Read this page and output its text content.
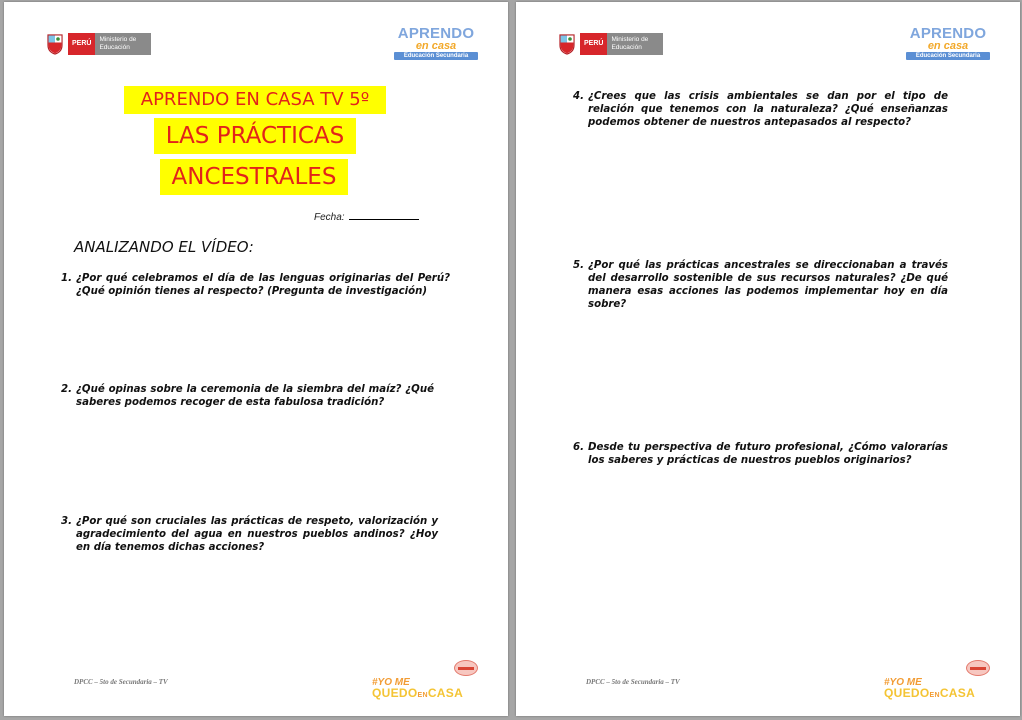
PERÚ
Ministerio de Educación
APRENDO
en casa
Educación Secundaria
APRENDO EN CASA TV 5º
LAS PRÁCTICAS
ANCESTRALES
Fecha:
ANALIZANDO EL VÍDEO:
1. ¿Por qué celebramos el día de las lenguas originarias del Perú? ¿Qué opinión tienes al respecto? (Pregunta de investigación)
2. ¿Qué opinas sobre la ceremonia de la siembra del maíz? ¿Qué saberes podemos recoger de esta fabulosa tradición?
3. ¿Por qué son cruciales las prácticas de respeto, valorización y agradecimiento del agua en nuestros pueblos andinos? ¿Hoy en día tenemos dichas acciones?
DPCC – 5to de Secundaria – TV	#YO ME
QUEDOENCASA
PERÚ
Ministerio de Educación
APRENDO
en casa
Educación Secundaria
4. ¿Crees que las crisis ambientales se dan por el tipo de relación que tenemos con la naturaleza? ¿Qué enseñanzas podemos obtener de nuestros antepasados al respecto?
5. ¿Por qué las prácticas ancestrales se direccionaban a través del desarrollo sostenible de sus recursos naturales? ¿De qué manera esas acciones las podemos implementar hoy en día sobre?
6. Desde tu perspectiva de futuro profesional, ¿Cómo valorarías los saberes y prácticas de nuestros pueblos originarios?
DPCC – 5to de Secundaria – TV	#YO ME
QUEDOENCASA
